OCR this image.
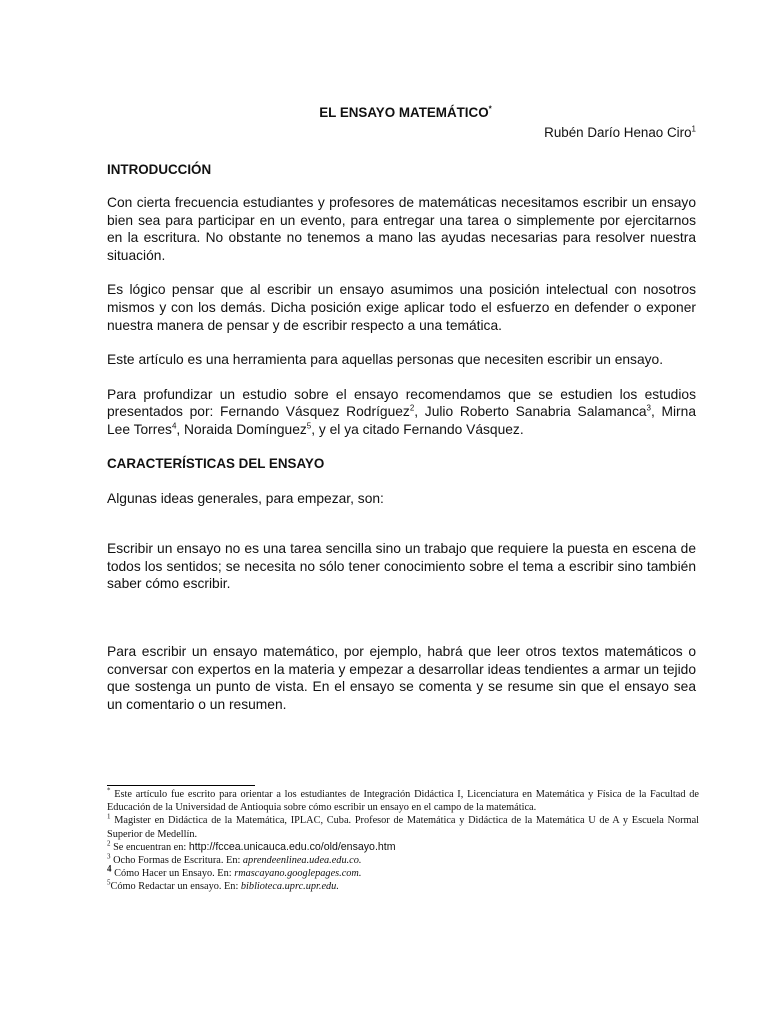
EL ENSAYO MATEMÁTICO*

Rubén Darío Henao Ciro$^1$

INTRODUCCIÓN

Con cierta frecuencia estudiantes y profesores de matemáticas necesitamos escribir un ensayo bien sea para participar en un evento, para entregar una tarea o simplemente por ejercitarnos en la escritura. No obstante no tenemos a mano las ayudas necesarias para resolver nuestra situación.

Es lógico pensar que al escribir un ensayo asumimos una posición intelectual con nosotros mismos y con los demás. Dicha posición exige aplicar todo el esfuerzo en defender o exponer nuestra manera de pensar y de escribir respecto a una temática.

Este artículo es una herramienta para aquellas personas que necesiten escribir un ensayo.

Para profundizar un estudio sobre el ensayo recomendamos que se estudien los estudios presentados por: Fernando Vásquez Rodríguez$^2$, Julio Roberto Sanabria Salamanca$^3$, Mirna Lee Torres$^4$, Noraida Domínguez$^5$, y el ya citado Fernando Vásquez.

CARACTERÍSTICAS DEL ENSAYO

Algunas ideas generales, para empezar, son:

Escribir un ensayo no es una tarea sencilla sino un trabajo que requiere la puesta en escena de todos los sentidos; se necesita no sólo tener conocimiento sobre el tema a escribir sino también saber cómo escribir.

Para escribir un ensayo matemático, por ejemplo, habrá que leer otros textos matemáticos o conversar con expertos en la materia y empezar a desarrollar ideas tendientes a armar un tejido que sostenga un punto de vista. En el ensayo se comenta y se resume sin que el ensayo sea un comentario o un resumen.

* Este artículo fue escrito para orientar a los estudiantes de Integración Didáctica I, Licenciatura en Matemática y Física de la Facultad de Educación de la Universidad de Antioquia sobre cómo escribir un ensayo en el campo de la matemática.

$^1$ Magister en Didáctica de la Matemática, IPLAC, Cuba. Profesor de Matemática y Didáctica de la Matemática U de A y Escuela Normal Superior de Medellín.

$^2$ Se encuentran en: http://fccea.unicauca.edu.co/old/ensayo.htm

$^3$ Ocho Formas de Escritura. En: aprendeenlinea.udea.edu.co.

4 Cómo Hacer un Ensayo. En: rmascayano.googlepages.com.

$^5$Cómo Redactar un ensayo. En: biblioteca.uprc.upr.edu.
